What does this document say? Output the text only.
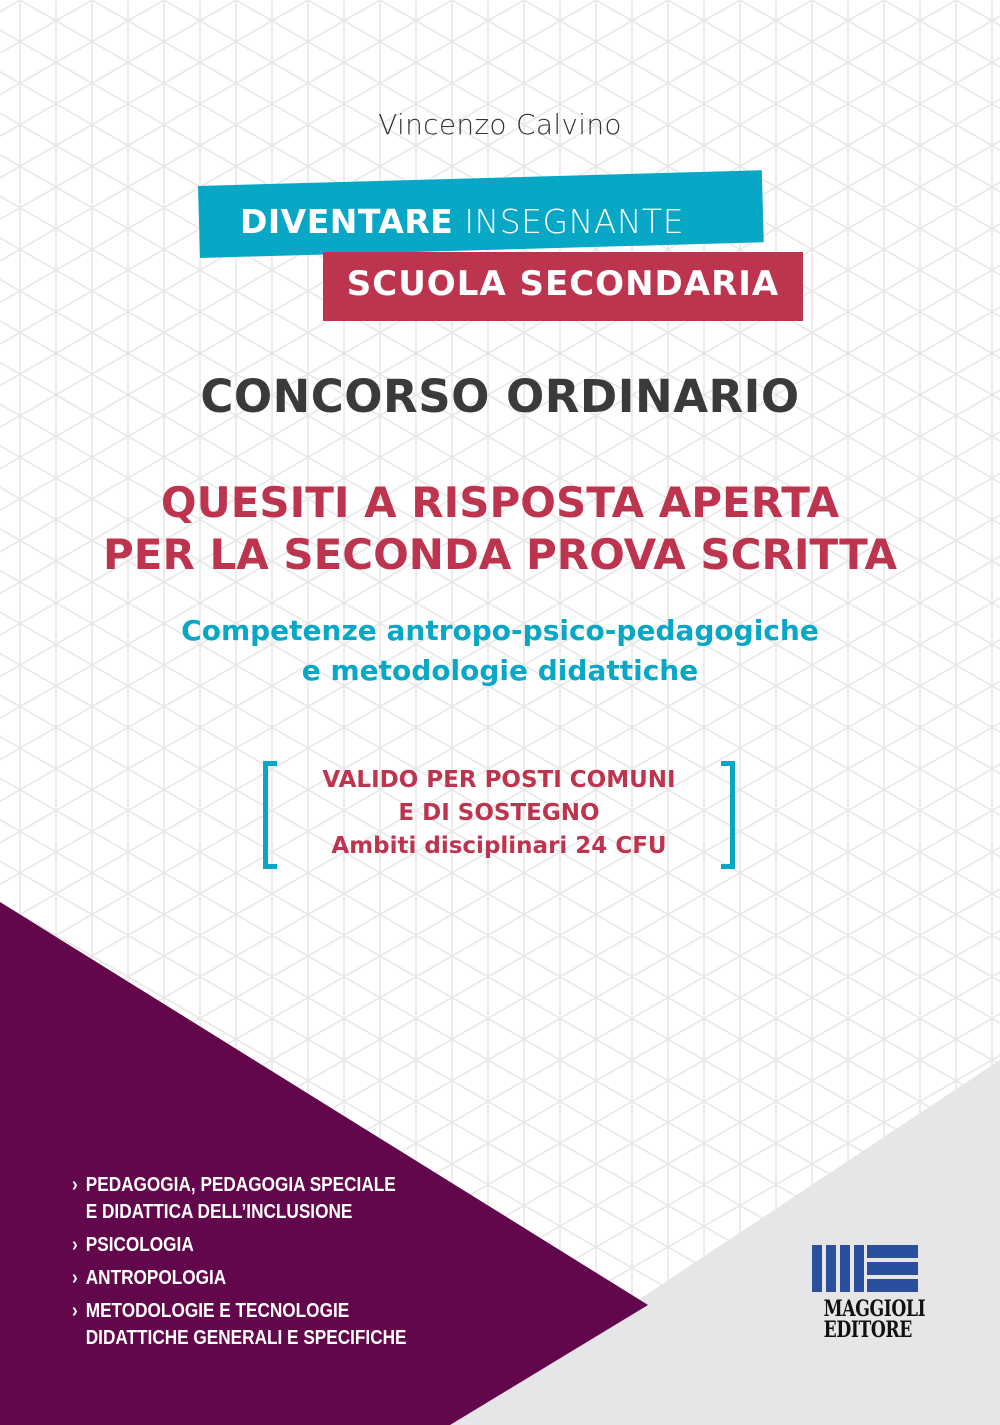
Vincenzo Calvino
DIVENTARE INSEGNANTE
SCUOLA SECONDARIA
CONCORSO ORDINARIO
QUESITI A RISPOSTA APERTA
PER LA SECONDA PROVA SCRITTA
Competenze antropo-psico-pedagogiche
e metodologie didattiche
VALIDO PER POSTI COMUNI
E DI SOSTEGNO
Ambiti disciplinari 24 CFU
› PEDAGOGIA, PEDAGOGIA SPECIALE
E DIDATTICA DELL’INCLUSIONE
› PSICOLOGIA
› ANTROPOLOGIA
› METODOLOGIE E TECNOLOGIE
DIDATTICHE GENERALI E SPECIFICHE
MAGGIOLI
EDITORE
